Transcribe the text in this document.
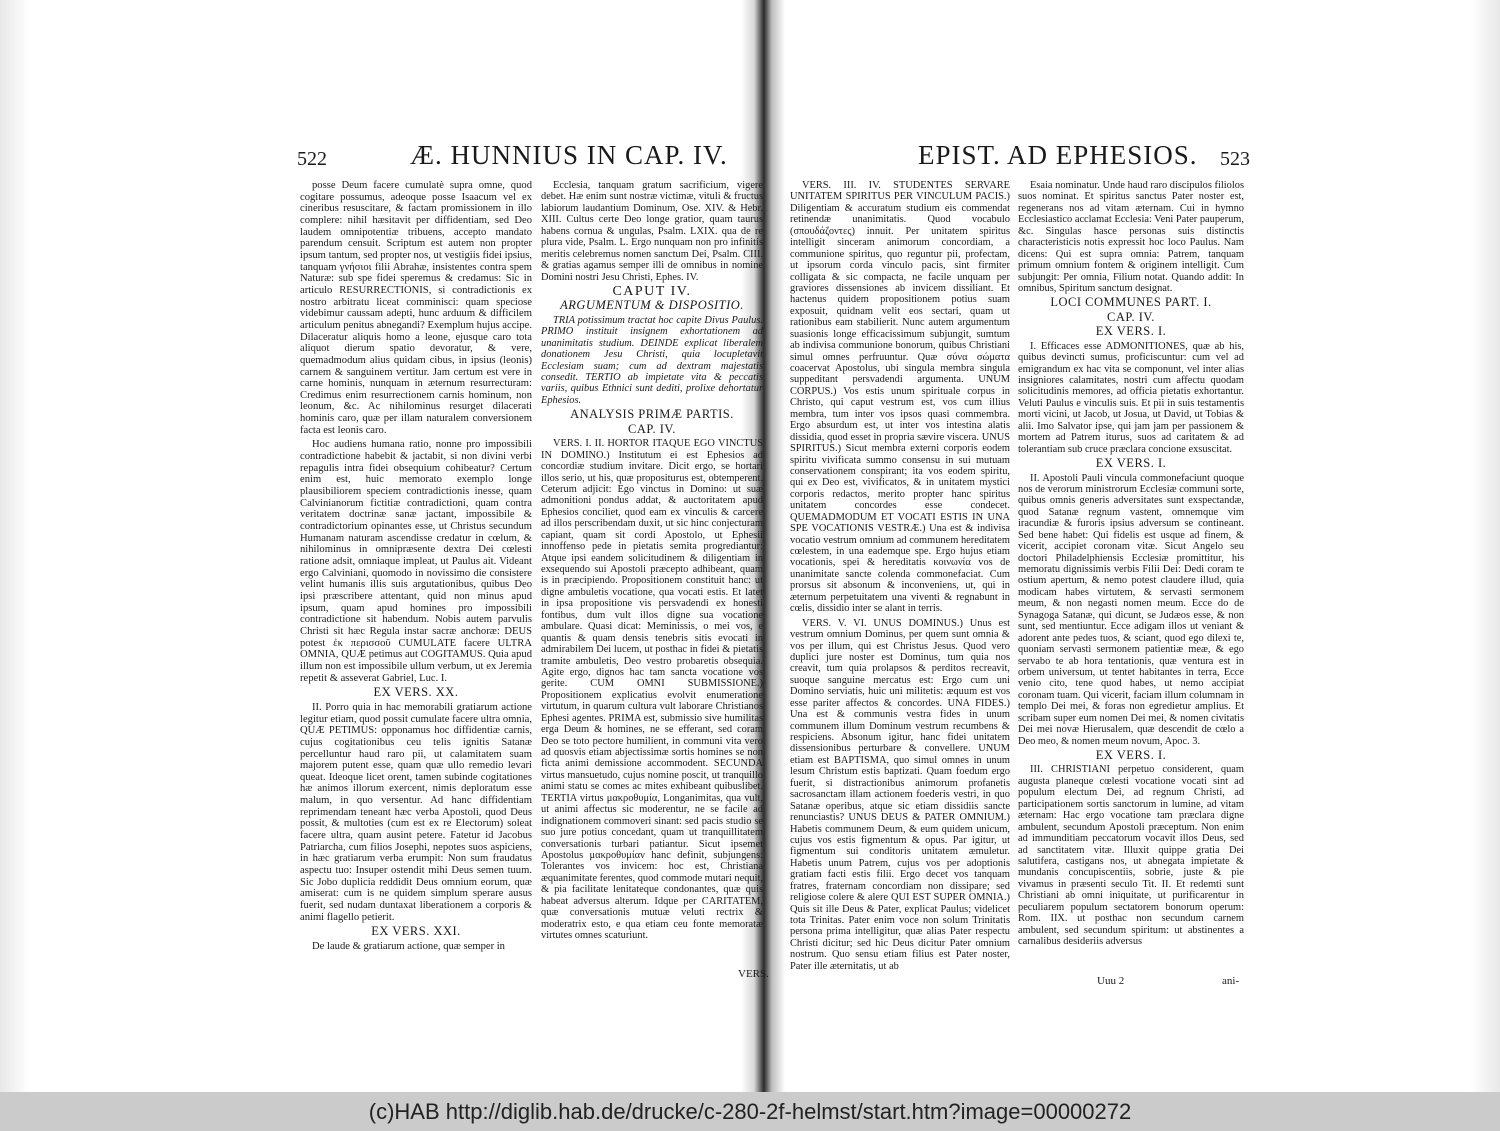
522	Æ. HUNNIUS IN CAP. IV.

posse Deum facere cumulatè supra omne, quod cogitare possumus, adeoque posse Isaacum vel ex cineribus resuscitare, & factam promissionem in illo complere: nihil hæsitavit per diffidentiam, sed Deo laudem omnipotentiæ tribuens, accepto mandato parendum censuit. Scriptum est autem non propter ipsum tantum, sed propter nos, ut vestigiis fidei ipsius, tanquam γνήσιοι filii Abrahæ, insistentes contra spem Naturæ: sub spe fidei speremus & credamus: Sic in articulo RESURRECTIONIS, si contradictionis ex nostro arbitratu liceat comminisci: quam speciose videbimur caussam adepti, hunc arduum & difficilem articulum penitus abnegandi? Exemplum hujus accipe. Dilaceratur aliquis homo a leone, ejusque caro tota aliquot dierum spatio devoratur, & vere, quemadmodum alius quidam cibus, in ipsius (leonis) carnem & sanguinem vertitur. Jam certum est vere in carne hominis, nunquam in æternum resurrecturam: Credimus enim resurrectionem carnis hominum, non leonum, &c. Ac nihilominus resurget dilacerati hominis caro, quæ per illam naturalem conversionem facta est leonis caro.

Hoc audiens humana ratio, nonne pro impossibili contradictione habebit & jactabit, si non divini verbi repagulis intra fidei obsequium cohibeatur? Certum enim est, huic memorato exemplo longe plausibiliorem speciem contradictionis inesse, quam Calvinianorum fictitiæ contradictioni, quam contra veritatem doctrinæ sanæ jactant, impossibile & contradictorium opinantes esse, ut Christus secundum Humanam naturam ascendisse credatur in cœlum, & nihilominus in omnipræsente dextra Dei cœlesti ratione adsit, omniaque impleat, ut Paulus ait. Videant ergo Calviniani, quomodo in novissimo die consistere velint humanis illis suis argutationibus, quibus Deo ipsi præscribere attentant, quid non minus apud ipsum, quam apud homines pro impossibili contradictione sit habendum. Nobis autem parvulis Christi sit hæc Regula instar sacræ anchoræ: DEUS potest ἐκ περισσοῦ CUMULATE facere ULTRA OMNIA, QUÆ petimus aut COGITAMUS. Quia apud illum non est impossibile ullum verbum, ut ex Jeremia repetit & asseverat Gabriel, Luc. I.

EX VERS. XX.

II. Porro quia in hac memorabili gratiarum actione legitur etiam, quod possit cumulate facere ultra omnia, QUÆ PETIMUS: opponamus hoc diffidentiæ carnis, cujus cogitationibus ceu telis ignitis Satanæ percelluntur haud raro pii, ut calamitatem suam majorem putent esse, quam quæ ullo remedio levari queat. Ideoque licet orent, tamen subinde cogitationes hæ animos illorum exercent, nimis deploratum esse malum, in quo versentur. Ad hanc diffidentiam reprimendam teneant hæc verba Apostoli, quod Deus possit, & multoties (cum est ex re Electorum) soleat facere ultra, quam ausint petere. Fatetur id Jacobus Patriarcha, cum filios Josephi, nepotes suos aspiciens, in hæc gratiarum verba erumpit: Non sum fraudatus aspectu tuo: Insuper ostendit mihi Deus semen tuum. Sic Jobo duplicia reddidit Deus omnium eorum, quæ amiserat: cum is ne quidem simplum sperare ausus fuerit, sed nudam duntaxat liberationem a corporis & animi flagello petierit.

EX VERS. XXI.

De laude & gratiarum actione, quæ semper in

Ecclesia, tanquam gratum sacrificium, vigere debet. Hæ enim sunt nostræ victimæ, vituli & fructus labiorum laudantium Dominum, Ose. XIV. & Hebr. XIII. Cultus certe Deo longe gratior, quam taurus habens cornua & ungulas, Psalm. LXIX. qua de re plura vide, Psalm. L. Ergo nunquam non pro infinitis meritis celebremus nomen sanctum Dei, Psalm. CIII. & gratias agamus semper illi de omnibus in nomine Domini nostri Jesu Christi, Ephes. IV.

CAPUT IV.

ARGUMENTUM & DISPOSITIO.

TRIA potissimum tractat hoc capite Divus Paulus. PRIMO instituit insignem exhortationem ad unanimitatis studium. DEINDE explicat liberalem donationem Jesu Christi, quia locupletavit Ecclesiam suam; cum ad dextram majestatis consedit. TERTIO ab impietate vita & peccatis variis, quibus Ethnici sunt dediti, prolixe dehortatur Ephesios.

ANALYSIS PRIMÆ PARTIS.

CAP. IV.

VERS. I. II. HORTOR ITAQUE EGO VINCTUS IN DOMINO.) Institutum ei est Ephesios ad concordiæ studium invitare. Dicit ergo, se hortari illos serio, ut his, quæ propositurus est, obtemperent. Ceterum adjicit: Ego vinctus in Domino: ut suæ admonitioni pondus addat, & auctoritatem apud Ephesios conciliet, quod eam ex vinculis & carcere ad illos perscribendam duxit, ut sic hinc conjecturam capiant, quam sit cordi Apostolo, ut Ephesii innoffenso pede in pietatis semita progrediantur: Atque ipsi eandem solicitudinem & diligentiam in exsequendo sui Apostoli præcepto adhibeant, quam is in præcipiendo. Propositionem constituit hanc: ut digne ambuletis vocatione, qua vocati estis. Et latet in ipsa propositione vis persvadendi ex honesti fontibus, dum vult illos digne sua vocatione ambulare. Quasi dicat: Meminissis, o mei vos, e quantis & quam densis tenebris sitis evocati in admirabilem Dei lucem, ut posthac in fidei & pietatis tramite ambuletis, Deo vestro probaretis obsequia. Agite ergo, dignos hac tam sancta vocatione vos gerite. CUM OMNI SUBMISSIONE.) Propositionem explicatius evolvit enumeratione virtutum, in quarum cultura vult laborare Christianos Ephesi agentes. PRIMA est, submissio sive humilitas erga Deum & homines, ne se efferant, sed coram Deo se toto pectore humilient, in communi vita vero ad quosvis etiam abjectissimæ sortis homines se non ficta animi demissione accommodent. SECUNDA virtus mansuetudo, cujus nomine poscit, ut tranquillo animi statu se comes ac mites exhibeant quibuslibet. TERTIA virtus μακροθυμία, Longanimitas, qua vult, ut animi affectus sic moderentur, ne se facile ad indignationem commoveri sinant: sed pacis studio se suo jure potius concedant, quam ut tranquillitatem conversationis turbari patiantur. Sicut ipsemet Apostolus μακροθυμίαν hanc definit, subjungens: Tolerantes vos invicem: hoc est, Christiana æquanimitate ferentes, quod commode mutari nequit, & pia facilitate lenitateque condonantes, quæ quis habeat adversus alterum. Idque per CARITATEM, quæ conversationis mutuæ veluti rectrix & moderatrix esto, e qua etiam ceu fonte memoratæ virtutes omnes scaturiunt.

VERS.
EPIST. AD EPHESIOS. 523

VERS. III. IV. STUDENTES SERVARE UNITATEM SPIRITUS PER VINCULUM PACIS.) Diligentiam & accuratum studium eis commendat retinendæ unanimitatis. Quod vocabulo (σπουδάζοντες) innuit. Per unitatem spiritus intelligit sinceram animorum concordiam, a communione spiritus, quo reguntur pii, profectam, ut ipsorum corda vinculo pacis, sint firmiter colligata & sic compacta, ne facile unquam per graviores dissensiones ab invicem dissiliant. Et hactenus quidem propositionem potius suam exposuit, quidnam velit eos sectari, quam ut rationibus eam stabilierit. Nunc autem argumentum suasionis longe efficacissimum subjungit, sumtum ab indivisa communione bonorum, quibus Christiani simul omnes perfruuntur. Quæ σύνα σώματα coacervat Apostolus, ubi singula membra singula suppeditant persvadendi argumenta. UNUM CORPUS.) Vos estis unum spirituale corpus in Christo, qui caput vestrum est, vos cum illius membra, tum inter vos ipsos quasi commembra. Ergo absurdum est, ut inter vos intestina alatis dissidia, quod esset in propria sævire viscera. UNUS SPIRITUS.) Sicut membra externi corporis eodem spiritu vivificata summo consensu in sui mutuam conservationem conspirant; ita vos eodem spiritu, qui ex Deo est, vivificatos, & in unitatem mystici corporis redactos, merito propter hanc spiritus unitatem concordes esse condecet. QUEMADMODUM ET VOCATI ESTIS IN UNA SPE VOCATIONIS VESTRÆ.) Una est & indivisa vocatio vestrum omnium ad communem hereditatem cœlestem, in una eademque spe. Ergo hujus etiam vocationis, spei & hereditatis κοινωνία vos de unanimitate sancte colenda commonefaciat. Cum prorsus sit absonum & inconveniens, ut, qui in æternum perpetuitatem una viventi & regnabunt in cœlis, dissidio inter se alant in terris.

VERS. V. VI. UNUS DOMINUS.) Unus est vestrum omnium Dominus, per quem sunt omnia & vos per illum, qui est Christus Jesus. Quod vero duplici jure noster est Dominus, tum quia nos creavit, tum quia prolapsos & perditos recreavit, suoque sanguine mercatus est: Ergo cum uni Domino serviatis, huic uni militetis: æquum est vos esse pariter affectos & concordes. UNA FIDES.) Una est & communis vestra fides in unum communem illum Dominum vestrum recumbens & respiciens. Absonum igitur, hanc fidei unitatem dissensionibus perturbare & convellere. UNUM etiam est BAPTISMA, quo simul omnes in unum lesum Christum estis baptizati. Quam foedum ergo fuerit, si distractionibus animorum profanetis sacrosanctam illam actionem foederis vestri, in quo Satanæ operibus, atque sic etiam dissidiis sancte renunciastis? UNUS DEUS & PATER OMNIUM.) Habetis communem Deum, & eum quidem unicum, cujus vos estis figmentum & opus. Par igitur, ut figmentum sui conditoris unitatem æmuletur. Habetis unum Patrem, cujus vos per adoptionis gratiam facti estis filii. Ergo decet vos tanquam fratres, fraternam concordiam non dissipare; sed religiose colere & alere QUI EST SUPER OMNIA.) Quis sit ille Deus & Pater, explicat Paulus; videlicet tota Trinitas. Pater enim voce non solum Trinitatis persona prima intelligitur, quæ alias Pater respectu Christi dicitur; sed hic Deus dicitur Pater omnium nostrum. Quo sensu etiam filius est Pater noster, Pater ille æternitatis, ut ab

Esaia nominatur. Unde haud raro discipulos filiolos suos nominat. Et spiritus sanctus Pater noster est, regenerans nos ad vitam æternam. Cui in hymno Ecclesiastico acclamat Ecclesia: Veni Pater pauperum, &c. Singulas hasce personas suis distinctis characteristicis notis expressit hoc loco Paulus. Nam dicens: Qui est supra omnia: Patrem, tanquam primum omnium fontem & originem intelligit. Cum subjungit: Per omnia, Filium notat. Quando addit: In omnibus, Spiritum sanctum designat.

LOCI COMMUNES PART. I.

CAP. IV.

EX VERS. I.

I. Efficaces esse ADMONITIONES, quæ ab his, quibus devincti sumus, proficiscuntur: cum vel ad emigrandum ex hac vita se componunt, vel inter alias insigniores calamitates, nostri cum affectu quodam solicitudinis memores, ad officia pietatis exhortantur. Veluti Paulus e vinculis suis. Et pii in suis testamentis morti vicini, ut Jacob, ut Josua, ut David, ut Tobias & alii. Imo Salvator ipse, qui jam jam per passionem & mortem ad Patrem iturus, suos ad caritatem & ad tolerantiam sub cruce præclara concione exsuscitat.

EX VERS. I.

II. Apostoli Pauli vincula commonefaciunt quoque nos de verorum ministrorum Ecclesiæ communi sorte, quibus omnis generis adversitates sunt exspectandæ, quod Satanæ regnum vastent, omnemque vim iracundiæ & furoris ipsius adversum se contineant. Sed bene habet: Qui fidelis est usque ad finem, & vicerit, accipiet coronam vitæ. Sicut Angelo seu doctori Philadelphiensis Ecclesiæ promittitur, his memoratu dignissimis verbis Filii Dei: Dedi coram te ostium apertum, & nemo potest claudere illud, quia modicam habes virtutem, & servasti sermonem meum, & non negasti nomen meum. Ecce do de Synagoga Satanæ, qui dicunt, se Judæos esse, & non sunt, sed mentiuntur. Ecce adigam illos ut veniant & adorent ante pedes tuos, & sciant, quod ego dilexi te, quoniam servasti sermonem patientiæ meæ, & ego servabo te ab hora tentationis, quæ ventura est in orbem universum, ut tentet habitantes in terra, Ecce venio cito, tene quod habes, ut nemo accipiat coronam tuam. Qui vicerit, faciam illum columnam in templo Dei mei, & foras non egredietur amplius. Et scribam super eum nomen Dei mei, & nomen civitatis Dei mei novæ Hierusalem, quæ descendit de cœlo a Deo meo, & nomen meum novum, Apoc. 3.

EX VERS. I.

III. CHRISTIANI perpetuo considerent, quam augusta planeque cœlesti vocatione vocati sint ad populum electum Dei, ad regnum Christi, ad participationem sortis sanctorum in lumine, ad vitam æternam: Hac ergo vocatione tam præclara digne ambulent, secundum Apostoli præceptum. Non enim ad immunditiam peccatorum vocavit illos Deus, sed ad sanctitatem vitæ. Illuxit quippe gratia Dei salutifera, castigans nos, ut abnegata impietate & mundanis concupiscentiis, sobrie, juste & pie vivamus in præsenti seculo Tit. II. Et redemti sunt Christiani ab omni iniquitate, ut purificarentur in peculiarem populum sectatorem bonorum operum: Rom. IIX. ut posthac non secundum carnem ambulent, sed secundum spiritum: ut abstinentes a carnalibus desideriis adversus

Uuu 2	ani-
(c)HAB http://diglib.hab.de/drucke/c-280-2f-helmst/start.htm?image=00000272
